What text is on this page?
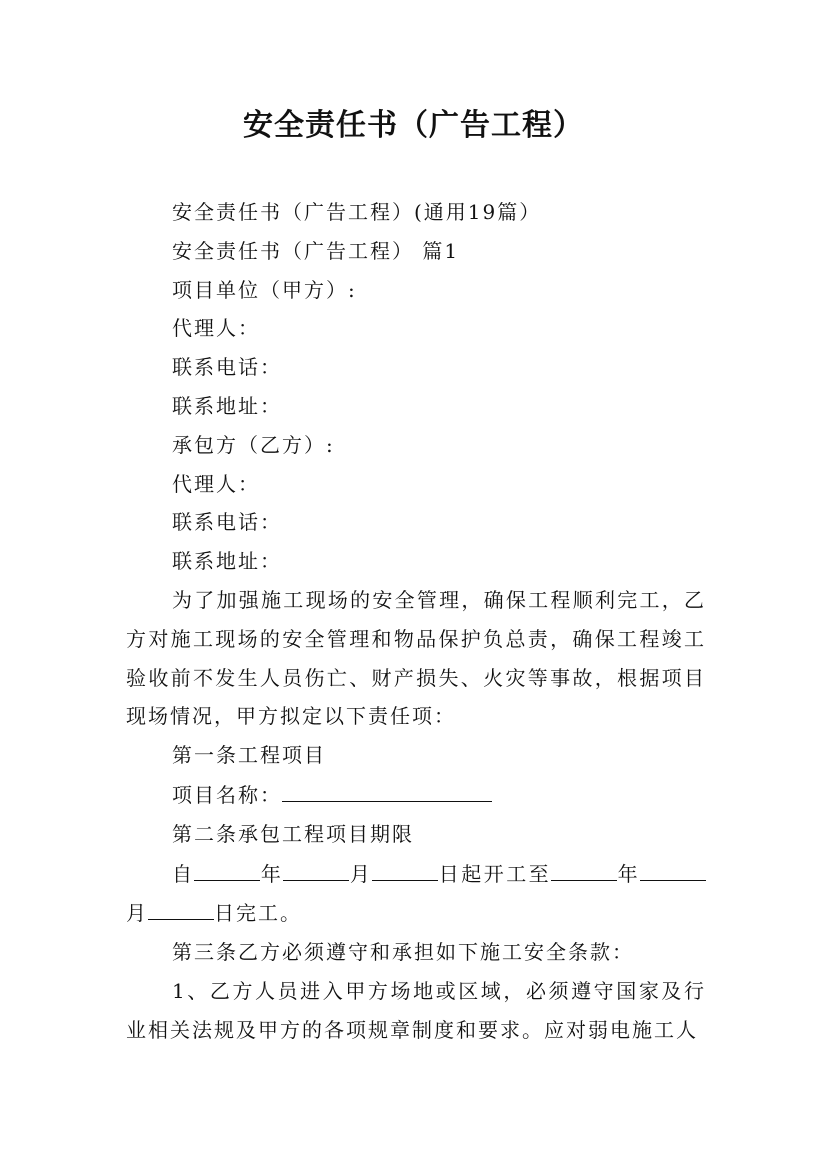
安全责任书（广告工程）

安全责任书（广告工程）(通用19篇）

安全责任书（广告工程） 篇1

项目单位（甲方）:

代理人：

联系电话：

联系地址：

承包方（乙方）:

代理人：

联系电话：

联系地址：

为了加强施工现场的安全管理，确保工程顺利完工，乙方对施工现场的安全管理和物品保护负总责，确保工程竣工验收前不发生人员伤亡、财产损失、火灾等事故，根据项目现场情况，甲方拟定以下责任项：

第一条工程项目

项目名称：

第二条承包工程项目期限

自	年	月	日起开工至	年月	日完工。

第三条乙方必须遵守和承担如下施工安全条款：

1、乙方人员进入甲方场地或区域，必须遵守国家及行业相关法规及甲方的各项规章制度和要求。应对弱电施工人
